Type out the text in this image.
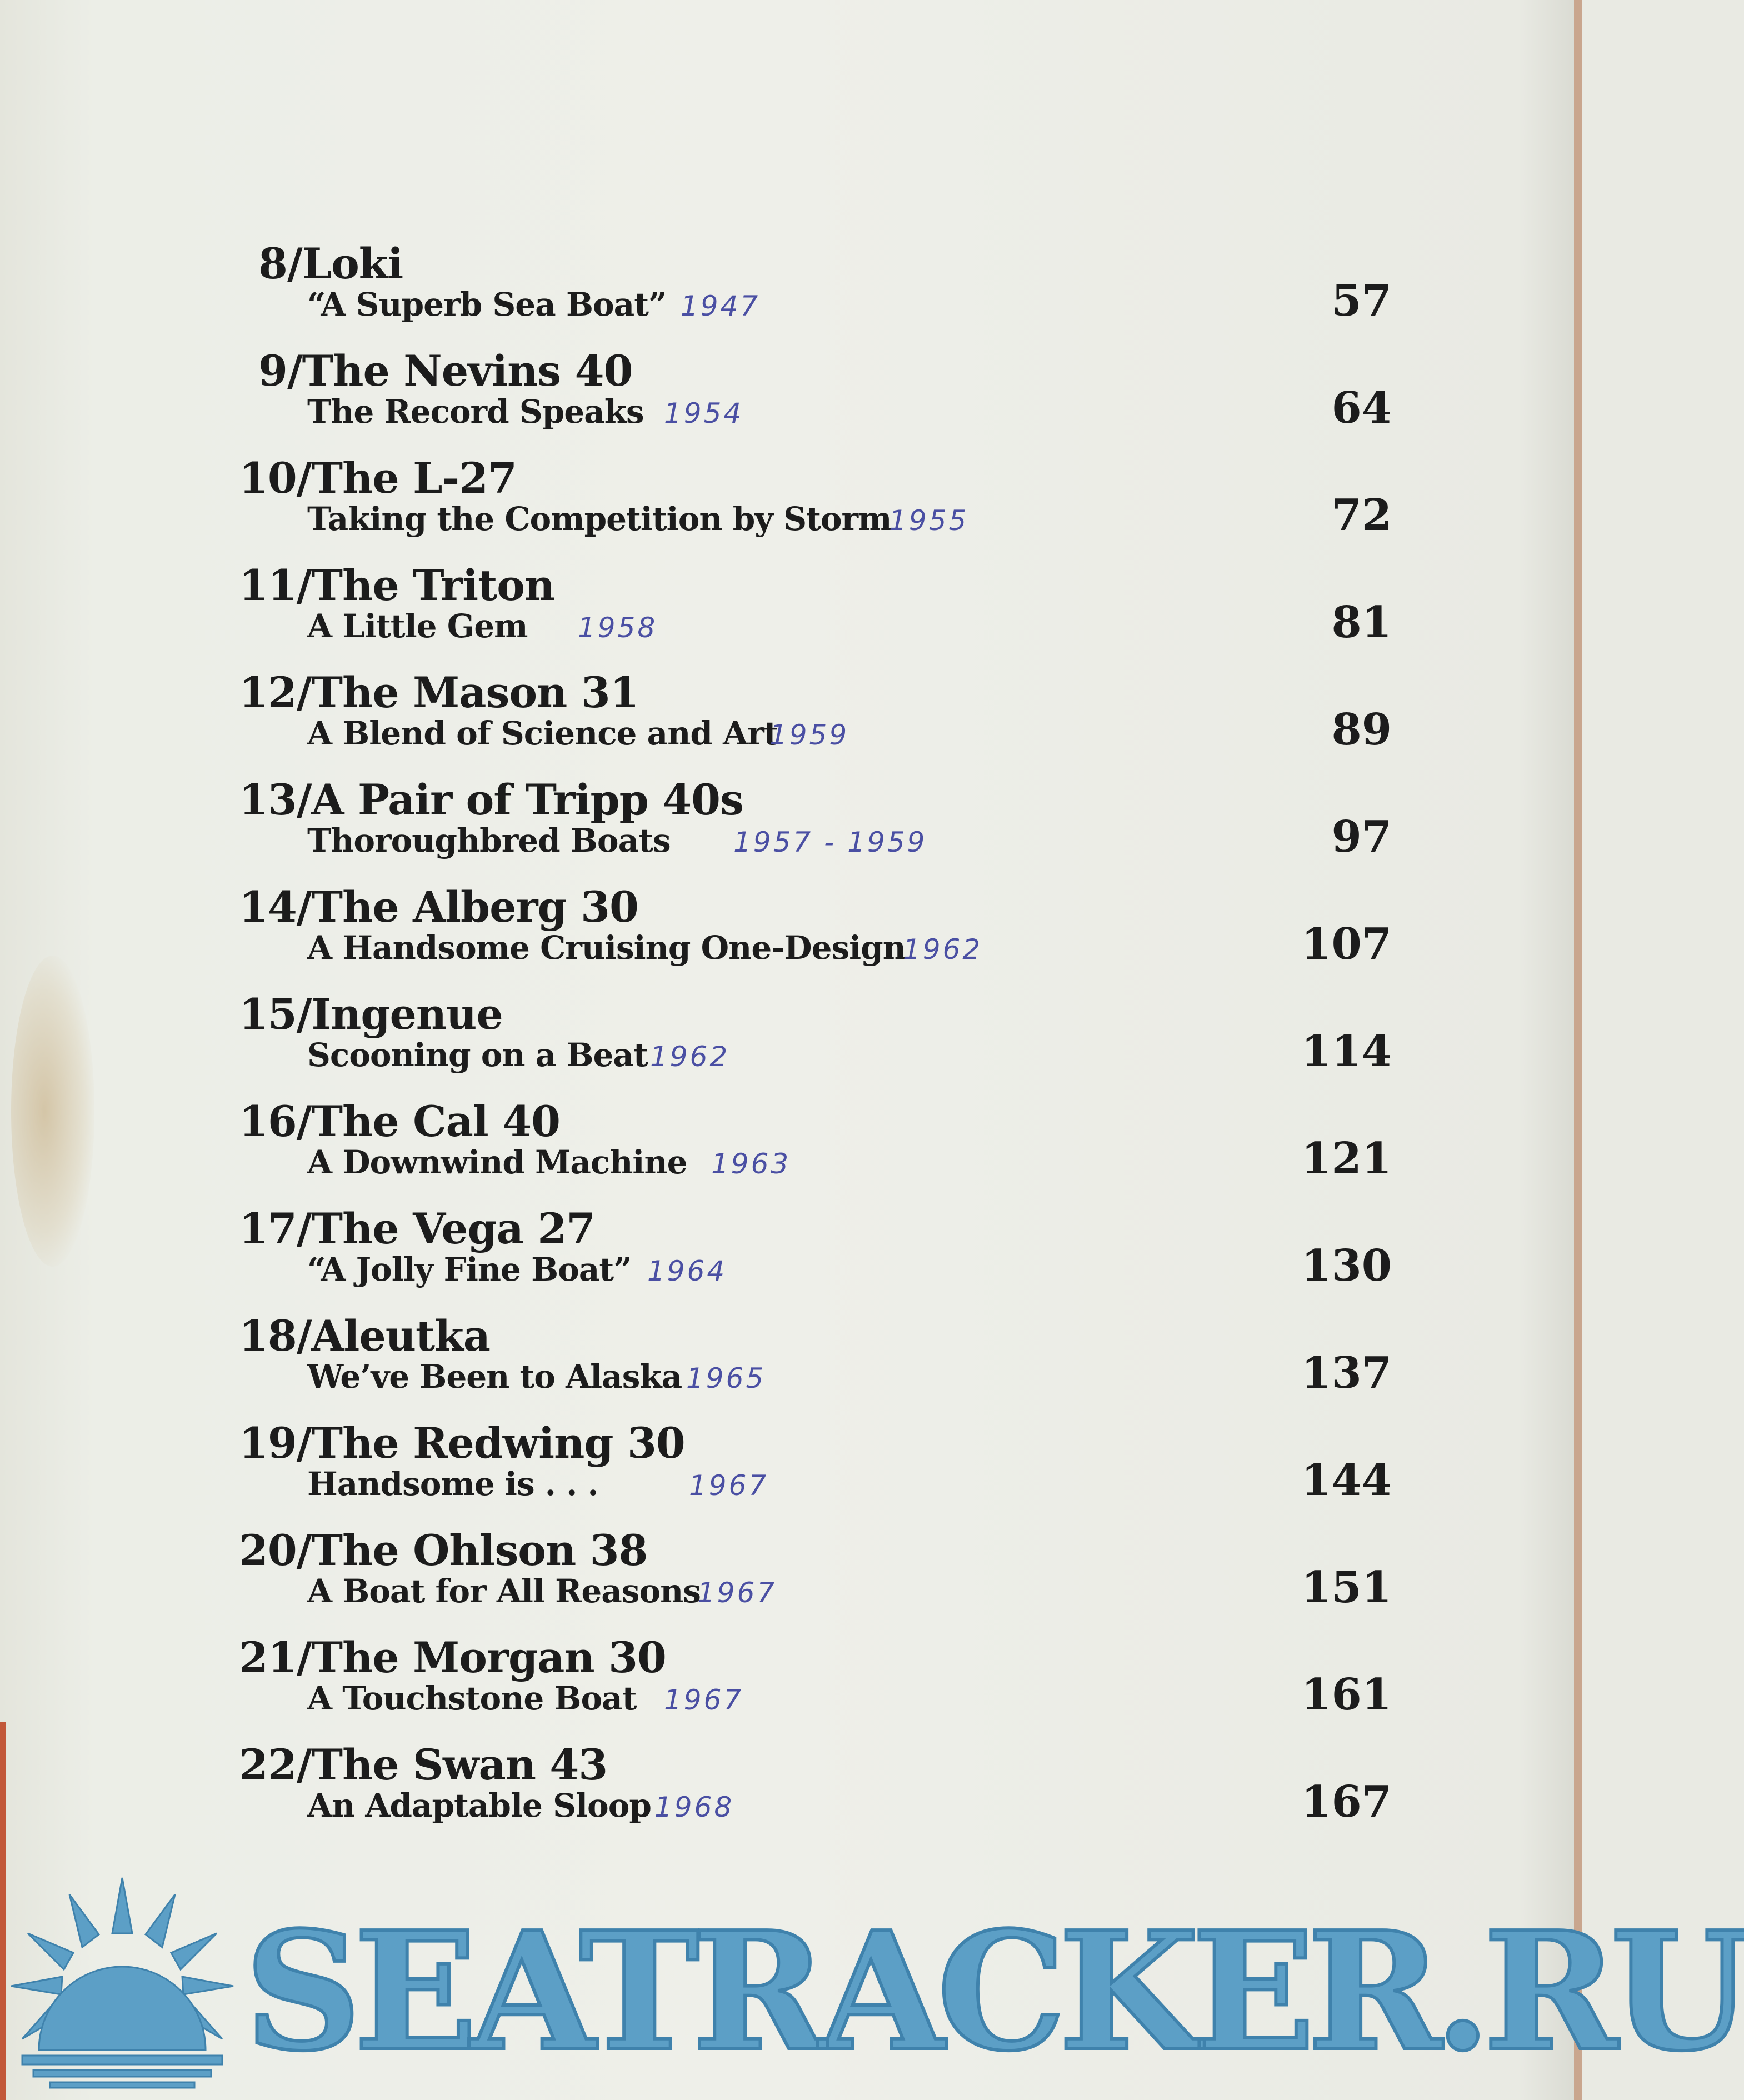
8/Loki
“A Superb Sea Boat” 1947	57
9/The Nevins 40
The Record Speaks 1954	64
10/The L-27
Taking the Competition by Storm
1955	72
11/The Triton
A Little Gem 1958	81
12/The Mason 31
A Blend of Science and Art
1959	89
13/A Pair of Tripp 40s
Thoroughbred Boats 1957 - 1959	97
14/The Alberg 30
A Handsome Cruising One-Design
1962	107
15/Ingenue
Scooning on a Beat 1962	114
16/The Cal 40
A Downwind Machine 1963	121
17/The Vega 27
“A Jolly Fine Boat” 1964	130
18/Aleutka
We’ve Been to Alaska 1965	137
19/The Redwing 30
Handsome is . . .	1967	144
20/The Ohlson 38
A Boat for All Reasons
1967	151
21/The Morgan 30
A Touchstone Boat 1967	161
22/The Swan 43
An Adaptable Sloop 1968	167
SEATRACKER.RU
